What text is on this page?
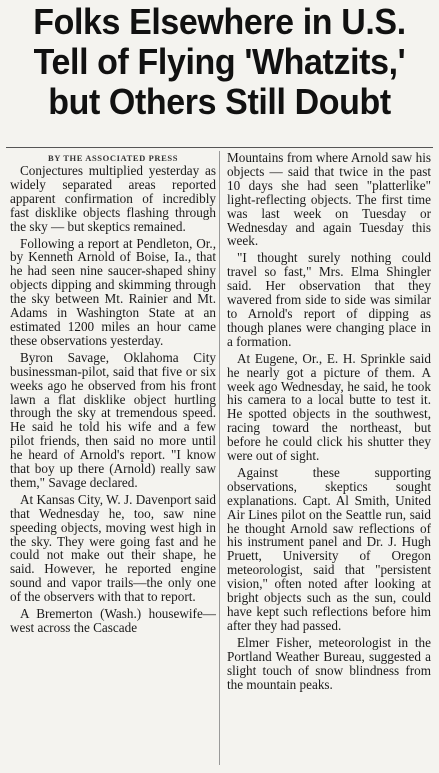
Folks Elsewhere in U.S.
Tell of Flying 'Whatzits,'
but Others Still Doubt
BY THE ASSOCIATED PRESS

Conjectures multiplied yesterday as widely separated areas reported apparent confirmation of incredibly fast disklike objects flashing through the sky — but skeptics remained.

Following a report at Pendleton, Or., by Kenneth Arnold of Boise, Ia., that he had seen nine saucer-shaped shiny objects dipping and skimming through the sky between Mt. Rainier and Mt. Adams in Washington State at an estimated 1200 miles an hour came these observations yesterday.

Byron Savage, Oklahoma City businessman-pilot, said that five or six weeks ago he observed from his front lawn a flat disklike object hurtling through the sky at tremendous speed. He said he told his wife and a few pilot friends, then said no more until he heard of Arnold's report. "I know that boy up there (Arnold) really saw them," Savage declared.

At Kansas City, W. J. Davenport said that Wednesday he, too, saw nine speeding objects, moving west high in the sky. They were going fast and he could not make out their shape, he said. However, he reported engine sound and vapor trails—the only one of the observers with that to report.

A Bremerton (Wash.) housewife—west across the Cascade

Mountains from where Arnold saw his objects — said that twice in the past 10 days she had seen "platterlike" light-reflecting objects. The first time was last week on Tuesday or Wednesday and again Tuesday this week.

"I thought surely nothing could travel so fast," Mrs. Elma Shingler said. Her observation that they wavered from side to side was similar to Arnold's report of dipping as though planes were changing place in a formation.

At Eugene, Or., E. H. Sprinkle said he nearly got a picture of them. A week ago Wednesday, he said, he took his camera to a local butte to test it. He spotted objects in the southwest, racing toward the northeast, but before he could click his shutter they were out of sight.

Against these supporting observations, skeptics sought explanations. Capt. Al Smith, United Air Lines pilot on the Seattle run, said he thought Arnold saw reflections of his instrument panel and Dr. J. Hugh Pruett, University of Oregon meteorologist, said that "persistent vision," often noted after looking at bright objects such as the sun, could have kept such reflections before him after they had passed.

Elmer Fisher, meteorologist in the Portland Weather Bureau, suggested a slight touch of snow blindness from the mountain peaks.
